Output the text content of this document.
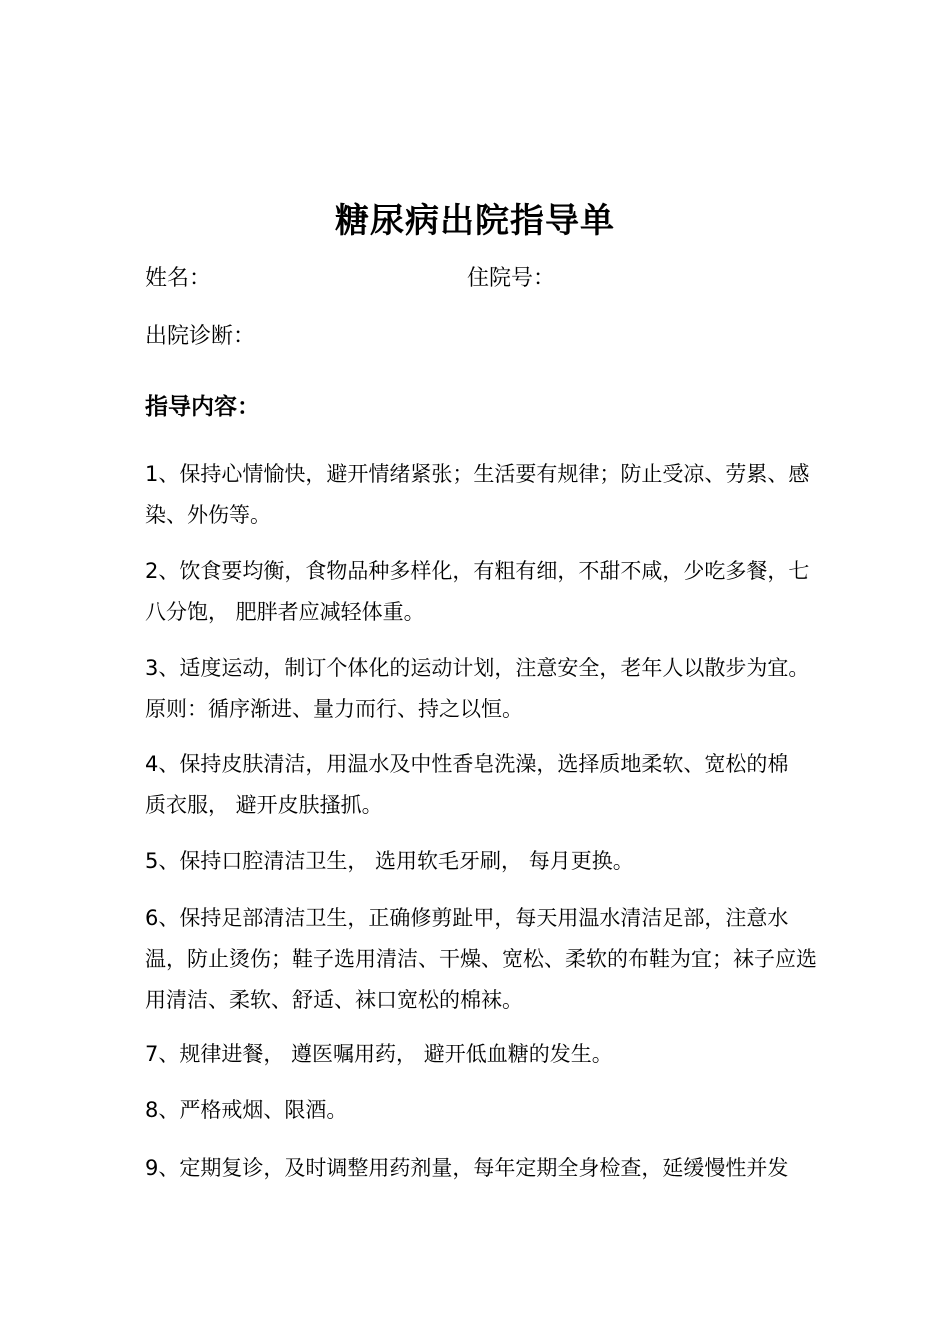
糖尿病出院指导单
姓名：	住院号：
出院诊断：
指导内容：

1、保持心情愉快，避开情绪紧张；生活要有规律；防止受凉、劳累、感
染、外伤等。

2、饮食要均衡，食物品种多样化，有粗有细，不甜不咸，少吃多餐，七
八分饱， 肥胖者应减轻体重。

3、适度运动，制订个体化的运动计划，注意安全，老年人以散步为宜。
原则：循序渐进、量力而行、持之以恒。

4、保持皮肤清洁，用温水及中性香皂洗澡，选择质地柔软、宽松的棉
质衣服， 避开皮肤搔抓。

5、保持口腔清洁卫生， 选用软毛牙刷， 每月更换。

6、保持足部清洁卫生，正确修剪趾甲，每天用温水清洁足部，注意水
温，防止烫伤；鞋子选用清洁、干燥、宽松、柔软的布鞋为宜；袜子应选
用清洁、柔软、舒适、袜口宽松的棉袜。

7、规律进餐， 遵医嘱用药， 避开低血糖的发生。

8、严格戒烟、限酒。

9、定期复诊，及时调整用药剂量，每年定期全身检查，延缓慢性并发
